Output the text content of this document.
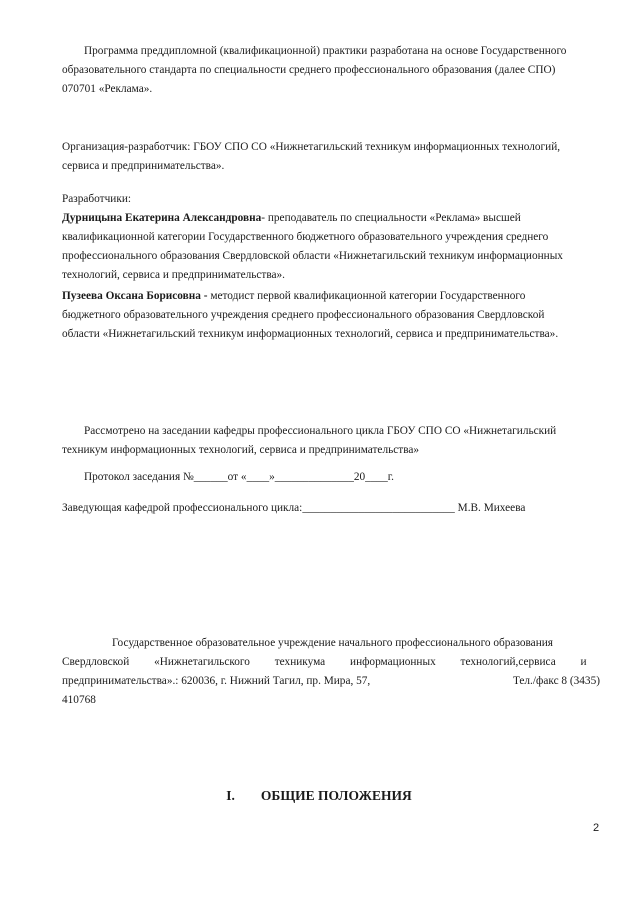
Программа преддипломной (квалификационной) практики разработана на основе Государственного
образовательного стандарта по специальности среднего профессионального образования (далее СПО)
070701 «Реклама».
Организация-разработчик: ГБОУ СПО СО «Нижнетагильский техникум информационных технологий,
сервиса и предпринимательства».
Разработчики:
Дурницына Екатерина Александровна- преподаватель по специальности «Реклама» высшей
квалификационной категории Государственного бюджетного образовательного учреждения среднего
профессионального образования Свердловской области «Нижнетагильский техникум информационных
технологий, сервиса и предпринимательства».
Пузеева Оксана Борисовна - методист первой квалификационной категории Государственного
бюджетного образовательного учреждения среднего профессионального образования Свердловской
области «Нижнетагильский техникум информационных технологий, сервиса и предпринимательства».
Рассмотрено на заседании кафедры профессионального цикла ГБОУ СПО СО «Нижнетагильский
техникум информационных технологий, сервиса и предпринимательства»
Протокол заседания №______от «____»______________20____г.
Заведующая кафедрой профессионального цикла:___________________________ М.В. Михеева
Государственное образовательное учреждение начального профессионального образования
Свердловской «Нижнетагильского техникума информационных технологий,сервиса и
предпринимательства».: 620036, г. Нижний Тагил, пр. Мира, 57,	Тел./факс 8 (3435)
410768
I. ОБЩИЕ ПОЛОЖЕНИЯ
2
